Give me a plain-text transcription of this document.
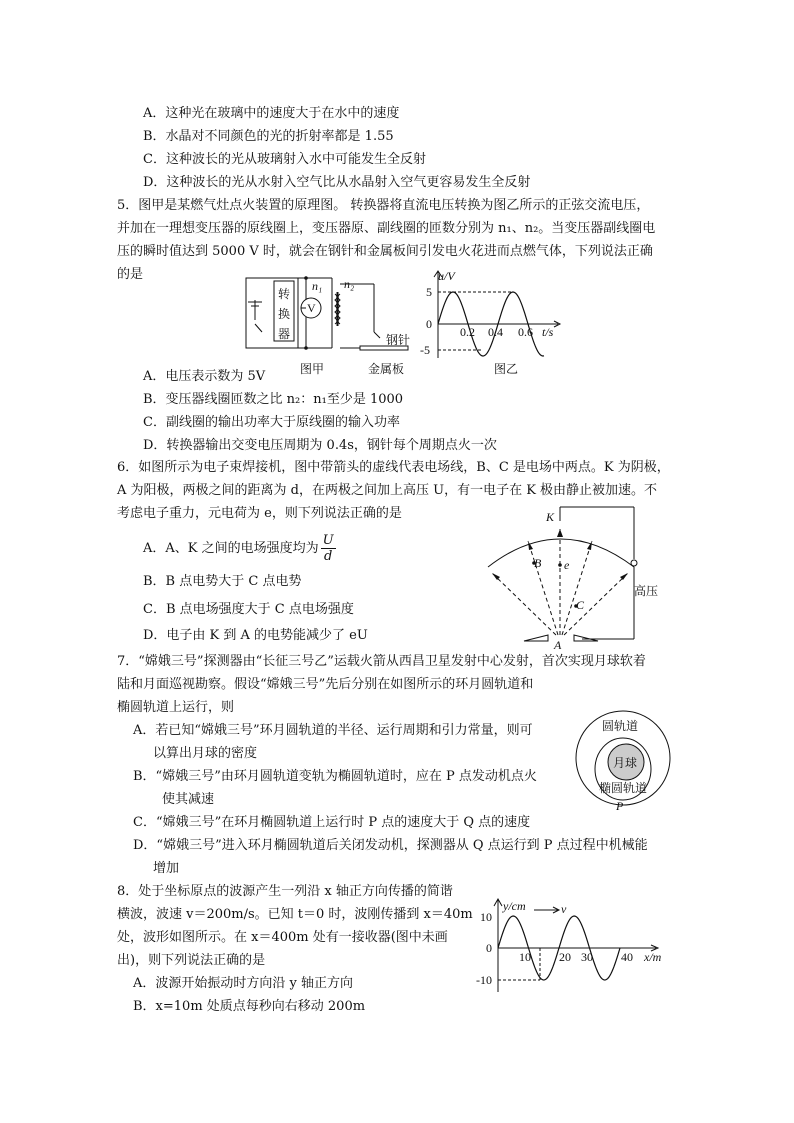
A．这种光在玻璃中的速度大于在水中的速度
B．水晶对不同颜色的光的折射率都是 1.55
C．这种波长的光从玻璃射入水中可能发生全反射
D．这种波长的光从水射入空气比从水晶射入空气更容易发生全反射
5．图甲是某燃气灶点火装置的原理图。 转换器将直流电压转换为图乙所示的正弦交流电压，
并加在一理想变压器的原线圈上，变压器原、副线圈的匝数分别为 n₁、n₂。当变压器副线圈电
压的瞬时值达到 5000 V 时，就会在钢针和金属板间引发电火花进而点燃气体，下列说法正确
的是
转
换
器
V
n₁ n₂
钢针
图甲	金属板
u/V
5
0
-5
0.2 0.4 0.6 t/s
图乙
A．电压表示数为 5V
B．变压器线圈匝数之比 n₂：n₁至少是 1000
C．副线圈的输出功率大于原线圈的输入功率
D．转换器输出交变电压周期为 0.4s，钢针每个周期点火一次
6．如图所示为电子束焊接机，图中带箭头的虚线代表电场线，B、C 是电场中两点。K 为阴极，
A 为阳极，两极之间的距离为 d，在两极之间加上高压 U，有一电子在 K 极由静止被加速。不
考虑电子重力，元电荷为 e，则下列说法正确的是
A．A、K 之间的电场强度均为 $\frac{U}{d}$
B．B 点电势大于 C 点电势
C．B 点电场强度大于 C 点电场强度
D．电子由 K 到 A 的电势能减少了 eU
K
B e
C
高压
A
7．“嫦娥三号”探测器由“长征三号乙”运载火箭从西昌卫星发射中心发射，首次实现月球软着
陆和月面巡视勘察。假设“嫦娥三号”先后分别在如图所示的环月圆轨道和
椭圆轨道上运行，则
A．若已知“嫦娥三号”环月圆轨道的半径、运行周期和引力常量，则可
以算出月球的密度
B．“嫦娥三号”由环月圆轨道变轨为椭圆轨道时，应在 P 点发动机点火
使其减速
C．“嫦娥三号”在环月椭圆轨道上运行时 P 点的速度大于 Q 点的速度
D．“嫦娥三号”进入环月椭圆轨道后关闭发动机，探测器从 Q 点运行到 P 点过程中机械能
增加
圆轨道
月球
椭圆轨道
P
8．处于坐标原点的波源产生一列沿 x 轴正方向传播的简谐
横波，波速 v＝200m/s。已知 t＝0 时，波刚传播到 x＝40m
处，波形如图所示。在 x＝400m 处有一接收器(图中未画
出)，则下列说法正确的是
A．波源开始振动时方向沿 y 轴正方向
B．x=10m 处质点每秒向右移动 200m
y/cm	v
10
0
-10
10 20 30 40 x/m
